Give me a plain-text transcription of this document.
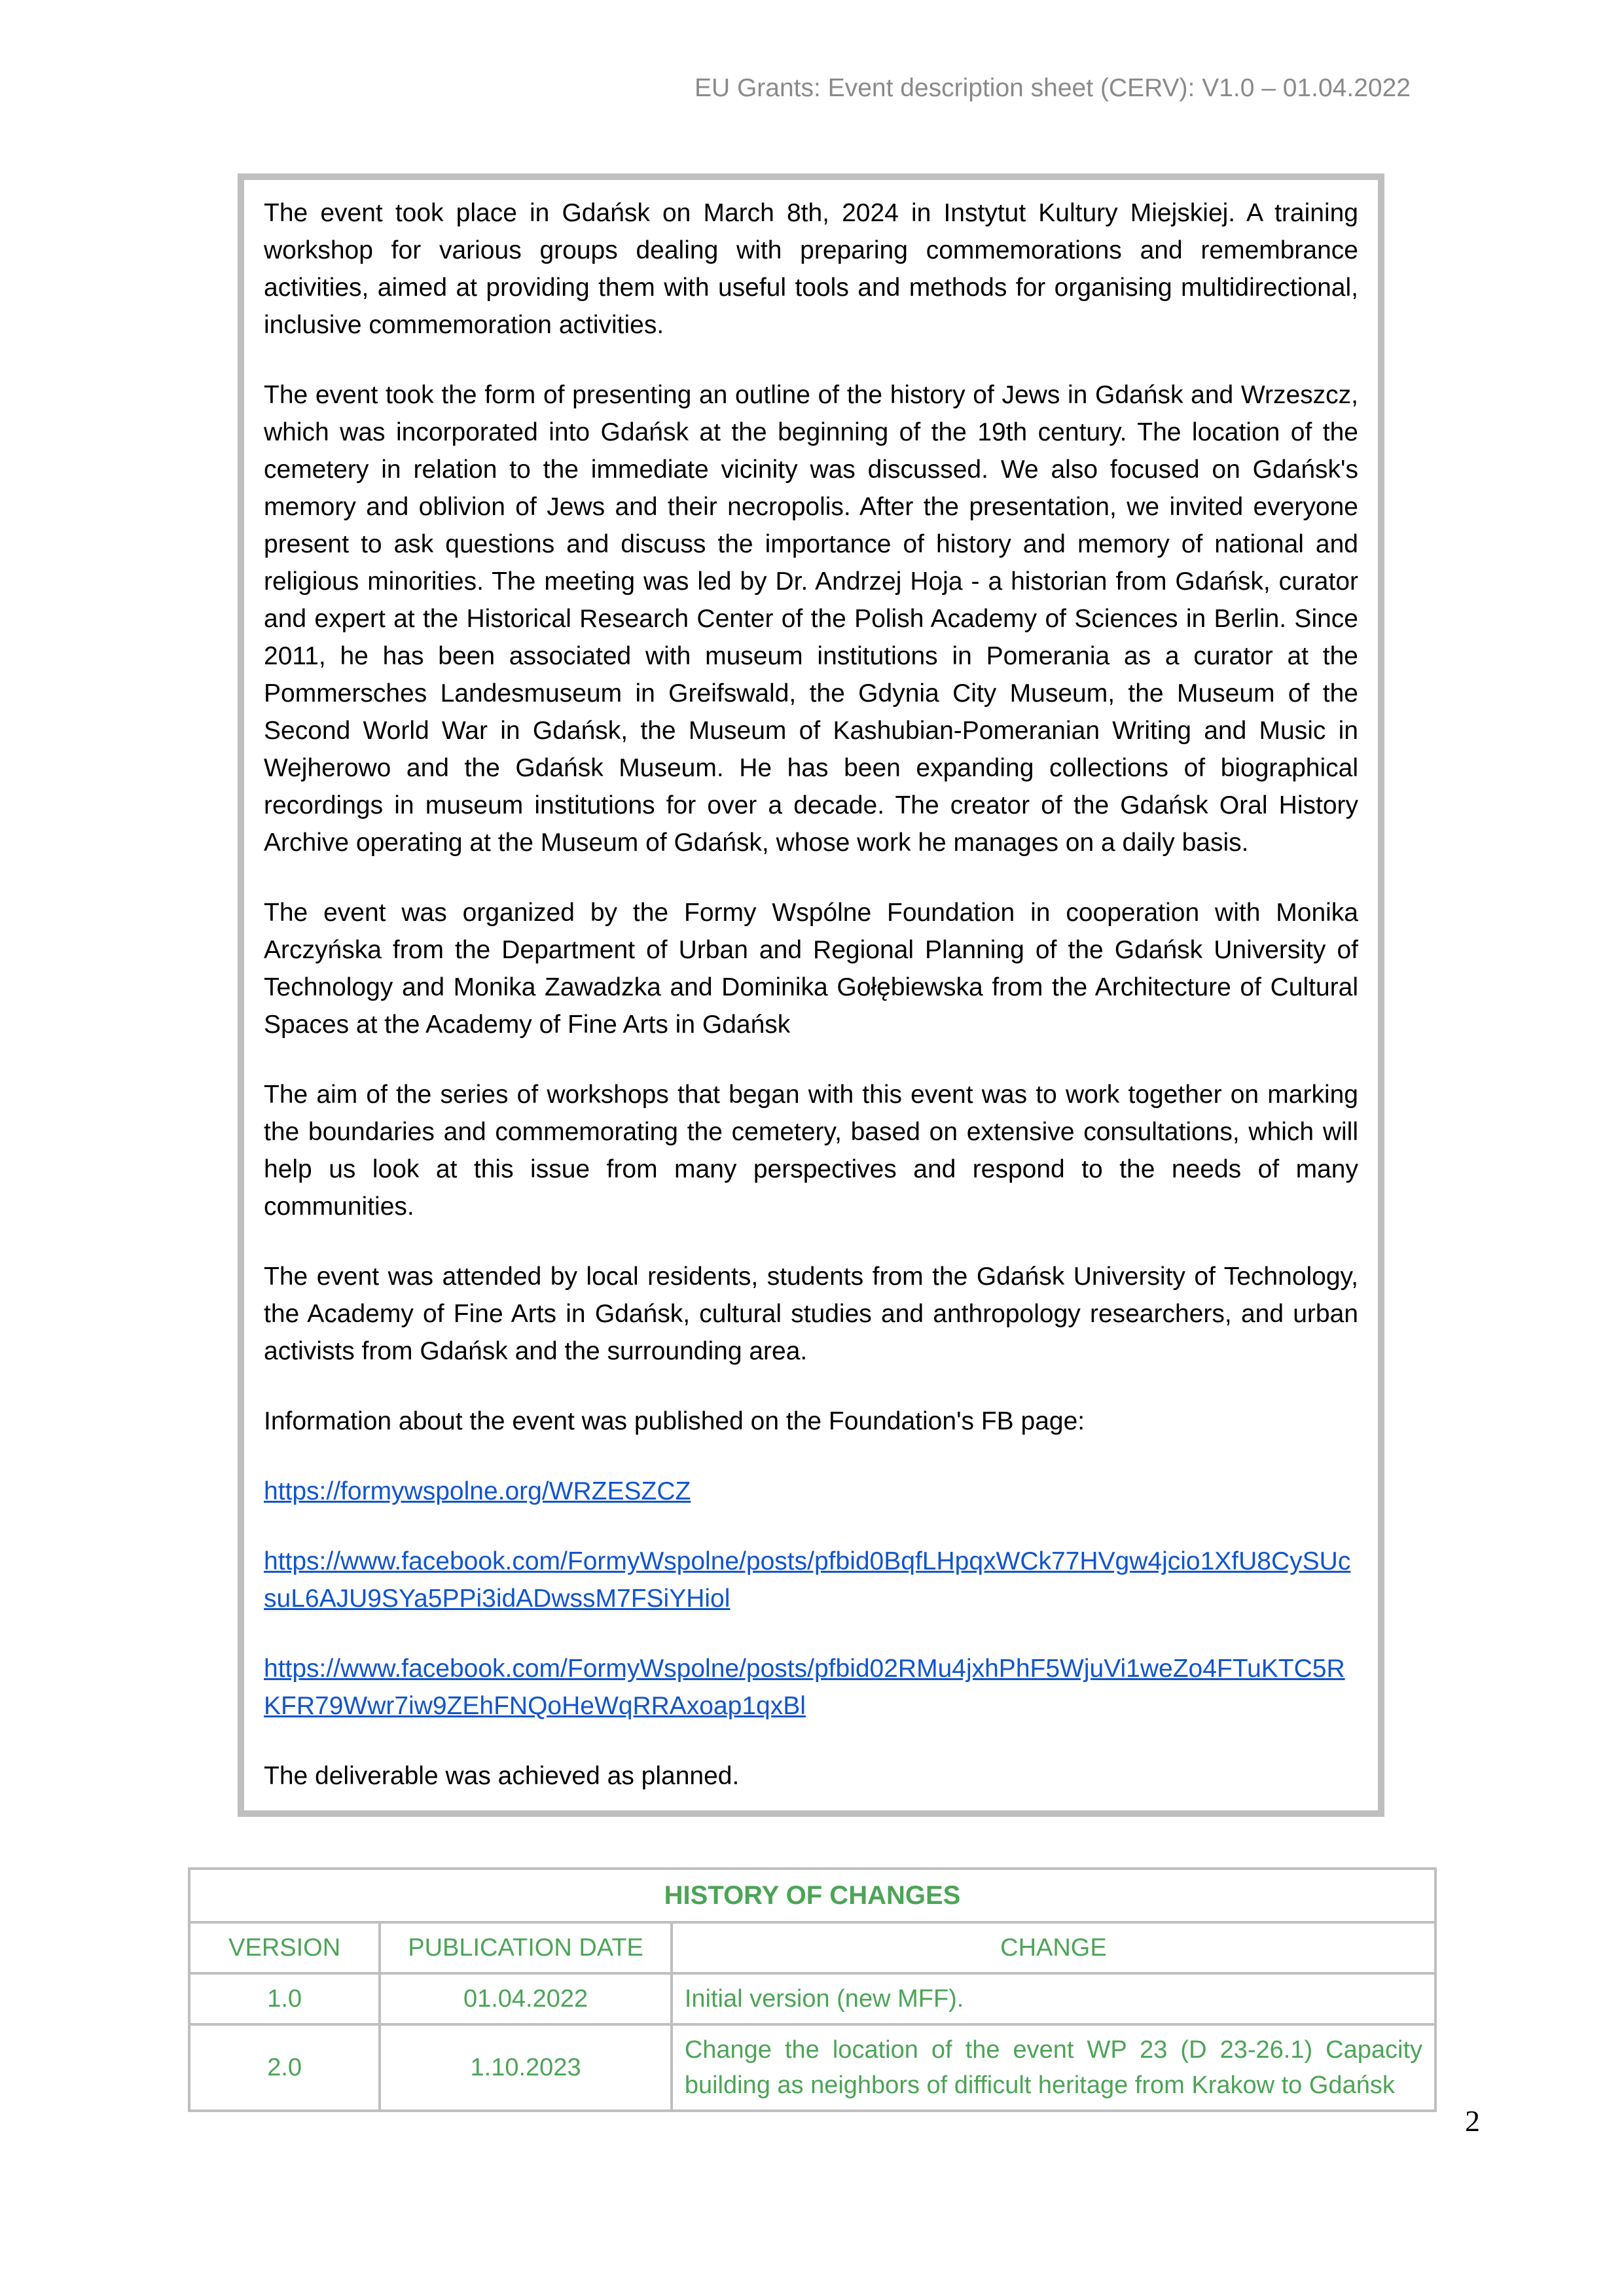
EU Grants: Event description sheet (CERV): V1.0 – 01.04.2022

The event took place in Gdańsk on March 8th, 2024 in Instytut Kultury Miejskiej. A training workshop for various groups dealing with preparing commemorations and remembrance activities, aimed at providing them with useful tools and methods for organising multidirectional, inclusive commemoration activities.

The event took the form of presenting an outline of the history of Jews in Gdańsk and Wrzeszcz, which was incorporated into Gdańsk at the beginning of the 19th century. The location of the cemetery in relation to the immediate vicinity was discussed. We also focused on Gdańsk's memory and oblivion of Jews and their necropolis. After the presentation, we invited everyone present to ask questions and discuss the importance of history and memory of national and religious minorities. The meeting was led by Dr. Andrzej Hoja - a historian from Gdańsk, curator and expert at the Historical Research Center of the Polish Academy of Sciences in Berlin. Since 2011, he has been associated with museum institutions in Pomerania as a curator at the Pommersches Landesmuseum in Greifswald, the Gdynia City Museum, the Museum of the Second World War in Gdańsk, the Museum of Kashubian-Pomeranian Writing and Music in Wejherowo and the Gdańsk Museum. He has been expanding collections of biographical recordings in museum institutions for over a decade. The creator of the Gdańsk Oral History Archive operating at the Museum of Gdańsk, whose work he manages on a daily basis.

The event was organized by the Formy Wspólne Foundation in cooperation with Monika Arczyńska from the Department of Urban and Regional Planning of the Gdańsk University of Technology and Monika Zawadzka and Dominika Gołębiewska from the Architecture of Cultural Spaces at the Academy of Fine Arts in Gdańsk

The aim of the series of workshops that began with this event was to work together on marking the boundaries and commemorating the cemetery, based on extensive consultations, which will help us look at this issue from many perspectives and respond to the needs of many communities.

The event was attended by local residents, students from the Gdańsk University of Technology, the Academy of Fine Arts in Gdańsk, cultural studies and anthropology researchers, and urban activists from Gdańsk and the surrounding area.

Information about the event was published on the Foundation's FB page:

https://formywspolne.org/WRZESZCZ

https://www.facebook.com/FormyWspolne/posts/pfbid0BqfLHpqxWCk77HVgw4jcio1XfU8CySUcsuL6AJU9SYa5PPi3idADwssM7FSiYHiol

https://www.facebook.com/FormyWspolne/posts/pfbid02RMu4jxhPhF5WjuVi1weZo4FTuKTC5RKFR79Wwr7iw9ZEhFNQoHeWqRRAxoap1qxBl

The deliverable was achieved as planned.

HISTORY OF CHANGES		
VERSION	PUBLICATION DATE	CHANGE
1.0	01.04.2022	Initial version (new MFF).
2.0	1.10.2023	Change the location of the event WP 23 (D 23-26.1) Capacity building as neighbors of difficult heritage from Krakow to Gdańsk
2
